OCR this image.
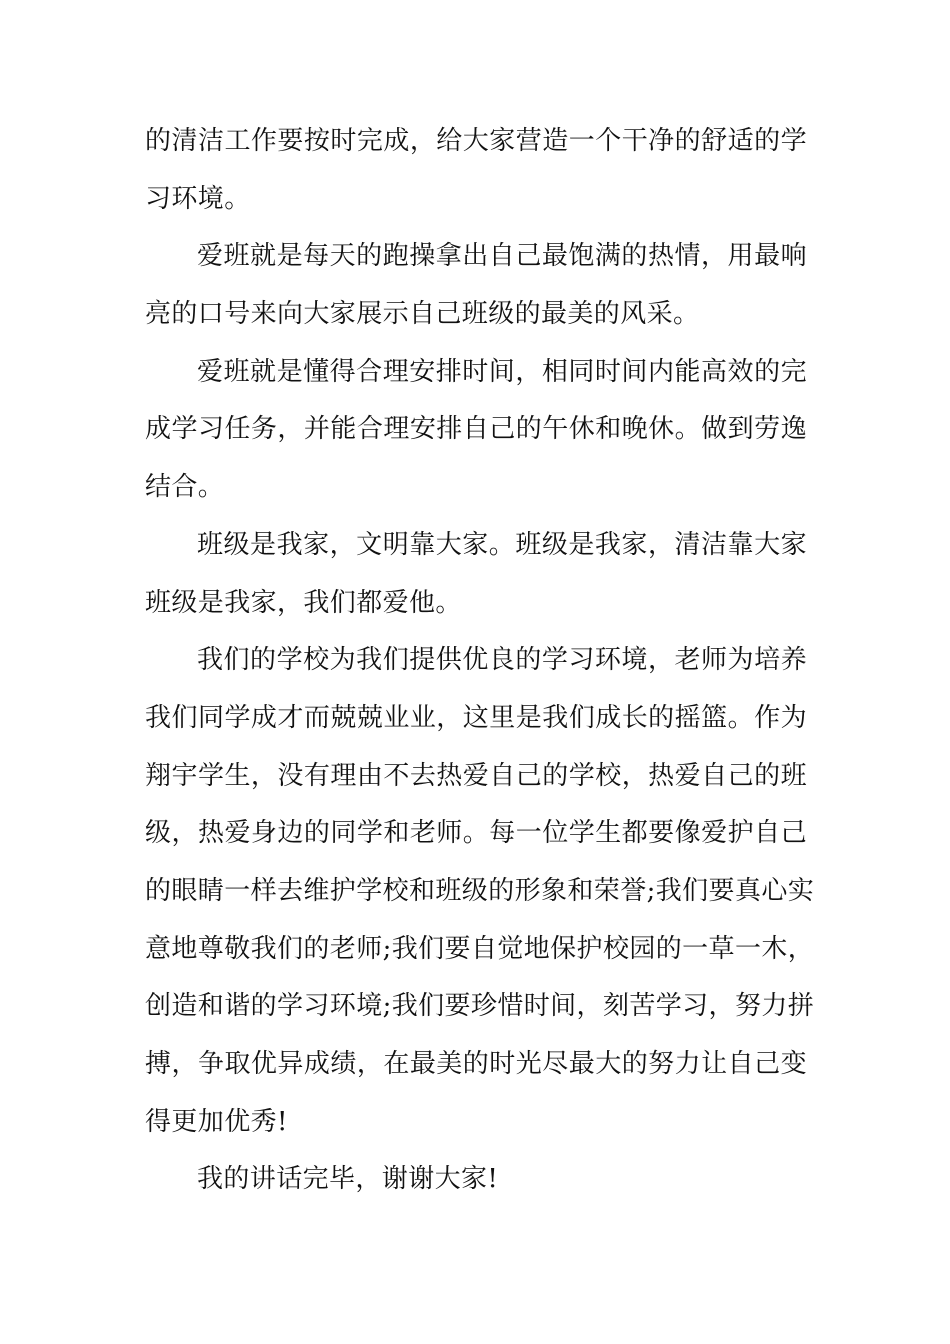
的清洁工作要按时完成，给大家营造一个干净的舒适的学
习环境。
爱班就是每天的跑操拿出自己最饱满的热情，用最响
亮的口号来向大家展示自己班级的最美的风采。
爱班就是懂得合理安排时间，相同时间内能高效的完
成学习任务，并能合理安排自己的午休和晚休。做到劳逸
结合。
班级是我家，文明靠大家。班级是我家，清洁靠大家
班级是我家，我们都爱他。
我们的学校为我们提供优良的学习环境，老师为培养
我们同学成才而兢兢业业，这里是我们成长的摇篮。作为
翔宇学生，没有理由不去热爱自己的学校，热爱自己的班
级，热爱身边的同学和老师。每一位学生都要像爱护自己
的眼睛一样去维护学校和班级的形象和荣誉;我们要真心实
意地尊敬我们的老师;我们要自觉地保护校园的一草一木，
创造和谐的学习环境;我们要珍惜时间，刻苦学习，努力拼
搏，争取优异成绩，在最美的时光尽最大的努力让自己变
得更加优秀!
我的讲话完毕，谢谢大家!
